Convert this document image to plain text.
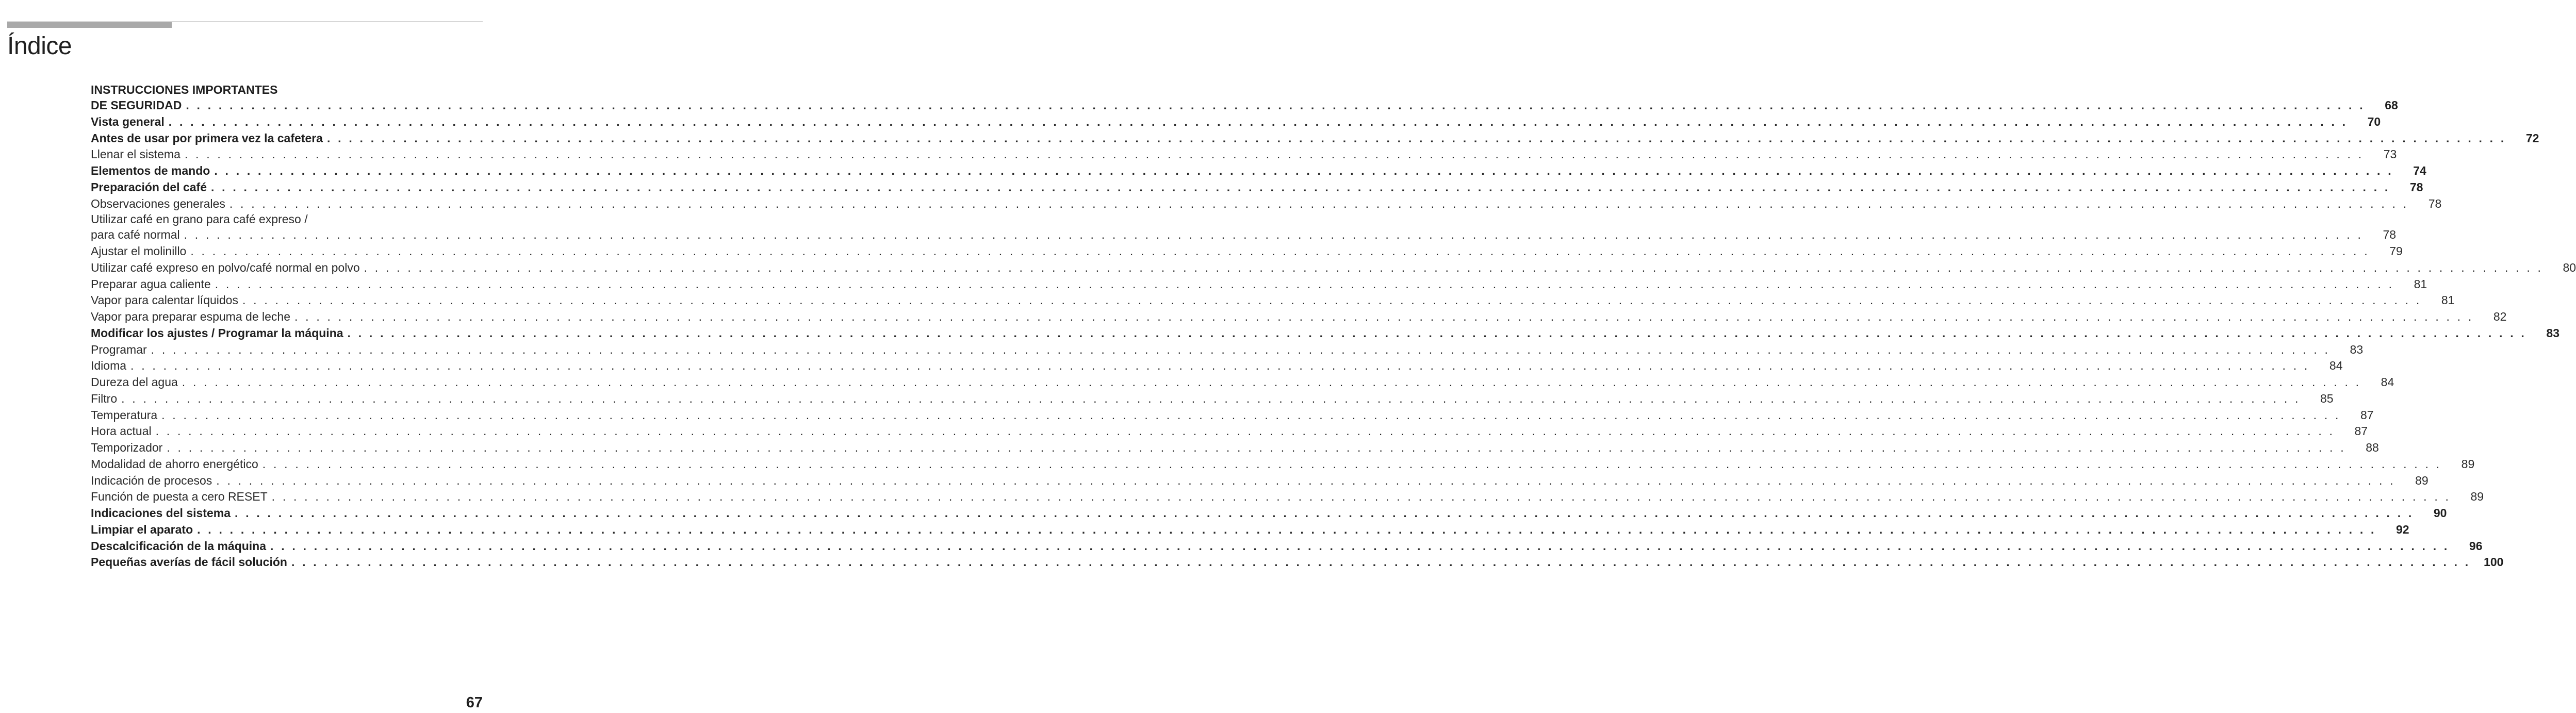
Índice
INSTRUCCIONES IMPORTANTES
DE SEGURIDAD . . . . . . . . . . . . . . . . . . . . . . . . . . . . . . . . . . . . . . . . . . . . . . . . . . . . . . . . . . . . . . . . . . . . . . . . . . . . . . . . . . . . . . . . . . . . . . . . . . . . . . . . . . . . . . . . . . . . . . . . . . . . . . . . . . . . . . . . . . . . . . . . . . . . . . . . . . . . . . . . . . . . . . . . . . . . . . . . . . . . . . . . . . . . . . . . . . . . . . . .	68
Vista general . . . . . . . . . . . . . . . . . . . . . . . . . . . . . . . . . . . . . . . . . . . . . . . . . . . . . . . . . . . . . . . . . . . . . . . . . . . . . . . . . . . . . . . . . . . . . . . . . . . . . . . . . . . . . . . . . . . . . . . . . . . . . . . . . . . . . . . . . . . . . . . . . . . . . . . . . . . . . . . . . . . . . . . . . . . . . . . . . . . . . . . . . . . . . . . . . . . . . . . .	70
Antes de usar por primera vez la cafetera . . . . . . . . . . . . . . . . . . . . . . . . . . . . . . . . . . . . . . . . . . . . . . . . . . . . . . . . . . . . . . . . . . . . . . . . . . . . . . . . . . . . . . . . . . . . . . . . . . . . . . . . . . . . . . . . . . . . . . . . . . . . . . . . . . . . . . . . . . . . . . . . . . . . . . . . . . . . . . . . . . . . . . . . . . . . . . . . . . . . . . . . . . . . . . . . . . . . . . . .	72
Llenar el sistema . . . . . . . . . . . . . . . . . . . . . . . . . . . . . . . . . . . . . . . . . . . . . . . . . . . . . . . . . . . . . . . . . . . . . . . . . . . . . . . . . . . . . . . . . . . . . . . . . . . . . . . . . . . . . . . . . . . . . . . . . . . . . . . . . . . . . . . . . . . . . . . . . . . . . . . . . . . . . . . . . . . . . . . . . . . . . . . . . . . . . . . . . . . . . . . . . . . . . . . .	73
Elementos de mando . . . . . . . . . . . . . . . . . . . . . . . . . . . . . . . . . . . . . . . . . . . . . . . . . . . . . . . . . . . . . . . . . . . . . . . . . . . . . . . . . . . . . . . . . . . . . . . . . . . . . . . . . . . . . . . . . . . . . . . . . . . . . . . . . . . . . . . . . . . . . . . . . . . . . . . . . . . . . . . . . . . . . . . . . . . . . . . . . . . . . . . . . . . . . . . . . . . . . . . .	74
Preparación del café . . . . . . . . . . . . . . . . . . . . . . . . . . . . . . . . . . . . . . . . . . . . . . . . . . . . . . . . . . . . . . . . . . . . . . . . . . . . . . . . . . . . . . . . . . . . . . . . . . . . . . . . . . . . . . . . . . . . . . . . . . . . . . . . . . . . . . . . . . . . . . . . . . . . . . . . . . . . . . . . . . . . . . . . . . . . . . . . . . . . . . . . . . . . . . . . . . . . . . . .	78
Observaciones generales . . . . . . . . . . . . . . . . . . . . . . . . . . . . . . . . . . . . . . . . . . . . . . . . . . . . . . . . . . . . . . . . . . . . . . . . . . . . . . . . . . . . . . . . . . . . . . . . . . . . . . . . . . . . . . . . . . . . . . . . . . . . . . . . . . . . . . . . . . . . . . . . . . . . . . . . . . . . . . . . . . . . . . . . . . . . . . . . . . . . . . . . . . . . . . . . . . . . . . . .	78
Utilizar café en grano para café expreso /
para café normal . . . . . . . . . . . . . . . . . . . . . . . . . . . . . . . . . . . . . . . . . . . . . . . . . . . . . . . . . . . . . . . . . . . . . . . . . . . . . . . . . . . . . . . . . . . . . . . . . . . . . . . . . . . . . . . . . . . . . . . . . . . . . . . . . . . . . . . . . . . . . . . . . . . . . . . . . . . . . . . . . . . . . . . . . . . . . . . . . . . . . . . . . . . . . . . . . . . . . . . .	78
Ajustar el molinillo . . . . . . . . . . . . . . . . . . . . . . . . . . . . . . . . . . . . . . . . . . . . . . . . . . . . . . . . . . . . . . . . . . . . . . . . . . . . . . . . . . . . . . . . . . . . . . . . . . . . . . . . . . . . . . . . . . . . . . . . . . . . . . . . . . . . . . . . . . . . . . . . . . . . . . . . . . . . . . . . . . . . . . . . . . . . . . . . . . . . . . . . . . . . . . . . . . . . . . . .	79
Utilizar café expreso en polvo/café normal en polvo . . . . . . . . . . . . . . . . . . . . . . . . . . . . . . . . . . . . . . . . . . . . . . . . . . . . . . . . . . . . . . . . . . . . . . . . . . . . . . . . . . . . . . . . . . . . . . . . . . . . . . . . . . . . . . . . . . . . . . . . . . . . . . . . . . . . . . . . . . . . . . . . . . . . . . . . . . . . . . . . . . . . . . . . . . . . . . . . . . . . . . . . . . . . . . . . . . . . . . . .	80
Preparar agua caliente . . . . . . . . . . . . . . . . . . . . . . . . . . . . . . . . . . . . . . . . . . . . . . . . . . . . . . . . . . . . . . . . . . . . . . . . . . . . . . . . . . . . . . . . . . . . . . . . . . . . . . . . . . . . . . . . . . . . . . . . . . . . . . . . . . . . . . . . . . . . . . . . . . . . . . . . . . . . . . . . . . . . . . . . . . . . . . . . . . . . . . . . . . . . . . . . . . . . . . . .	81
Vapor para calentar líquidos . . . . . . . . . . . . . . . . . . . . . . . . . . . . . . . . . . . . . . . . . . . . . . . . . . . . . . . . . . . . . . . . . . . . . . . . . . . . . . . . . . . . . . . . . . . . . . . . . . . . . . . . . . . . . . . . . . . . . . . . . . . . . . . . . . . . . . . . . . . . . . . . . . . . . . . . . . . . . . . . . . . . . . . . . . . . . . . . . . . . . . . . . . . . . . . . . . . . . . . .	81
Vapor para preparar espuma de leche . . . . . . . . . . . . . . . . . . . . . . . . . . . . . . . . . . . . . . . . . . . . . . . . . . . . . . . . . . . . . . . . . . . . . . . . . . . . . . . . . . . . . . . . . . . . . . . . . . . . . . . . . . . . . . . . . . . . . . . . . . . . . . . . . . . . . . . . . . . . . . . . . . . . . . . . . . . . . . . . . . . . . . . . . . . . . . . . . . . . . . . . . . . . . . . . . . . . . . . .	82
Modificar los ajustes / Programar la máquina . . . . . . . . . . . . . . . . . . . . . . . . . . . . . . . . . . . . . . . . . . . . . . . . . . . . . . . . . . . . . . . . . . . . . . . . . . . . . . . . . . . . . . . . . . . . . . . . . . . . . . . . . . . . . . . . . . . . . . . . . . . . . . . . . . . . . . . . . . . . . . . . . . . . . . . . . . . . . . . . . . . . . . . . . . . . . . . . . . . . . . . . . . . . . . . . . . . . . . . .	83
Programar . . . . . . . . . . . . . . . . . . . . . . . . . . . . . . . . . . . . . . . . . . . . . . . . . . . . . . . . . . . . . . . . . . . . . . . . . . . . . . . . . . . . . . . . . . . . . . . . . . . . . . . . . . . . . . . . . . . . . . . . . . . . . . . . . . . . . . . . . . . . . . . . . . . . . . . . . . . . . . . . . . . . . . . . . . . . . . . . . . . . . . . . . . . . . . . . . . . . . . . .	83
Idioma . . . . . . . . . . . . . . . . . . . . . . . . . . . . . . . . . . . . . . . . . . . . . . . . . . . . . . . . . . . . . . . . . . . . . . . . . . . . . . . . . . . . . . . . . . . . . . . . . . . . . . . . . . . . . . . . . . . . . . . . . . . . . . . . . . . . . . . . . . . . . . . . . . . . . . . . . . . . . . . . . . . . . . . . . . . . . . . . . . . . . . . . . . . . . . . . . . . . . . . .	84
Dureza del agua . . . . . . . . . . . . . . . . . . . . . . . . . . . . . . . . . . . . . . . . . . . . . . . . . . . . . . . . . . . . . . . . . . . . . . . . . . . . . . . . . . . . . . . . . . . . . . . . . . . . . . . . . . . . . . . . . . . . . . . . . . . . . . . . . . . . . . . . . . . . . . . . . . . . . . . . . . . . . . . . . . . . . . . . . . . . . . . . . . . . . . . . . . . . . . . . . . . . . . . .	84
Filtro . . . . . . . . . . . . . . . . . . . . . . . . . . . . . . . . . . . . . . . . . . . . . . . . . . . . . . . . . . . . . . . . . . . . . . . . . . . . . . . . . . . . . . . . . . . . . . . . . . . . . . . . . . . . . . . . . . . . . . . . . . . . . . . . . . . . . . . . . . . . . . . . . . . . . . . . . . . . . . . . . . . . . . . . . . . . . . . . . . . . . . . . . . . . . . . . . . . . . . . .	85
Temperatura . . . . . . . . . . . . . . . . . . . . . . . . . . . . . . . . . . . . . . . . . . . . . . . . . . . . . . . . . . . . . . . . . . . . . . . . . . . . . . . . . . . . . . . . . . . . . . . . . . . . . . . . . . . . . . . . . . . . . . . . . . . . . . . . . . . . . . . . . . . . . . . . . . . . . . . . . . . . . . . . . . . . . . . . . . . . . . . . . . . . . . . . . . . . . . . . . . . . . . . .	87
Hora actual . . . . . . . . . . . . . . . . . . . . . . . . . . . . . . . . . . . . . . . . . . . . . . . . . . . . . . . . . . . . . . . . . . . . . . . . . . . . . . . . . . . . . . . . . . . . . . . . . . . . . . . . . . . . . . . . . . . . . . . . . . . . . . . . . . . . . . . . . . . . . . . . . . . . . . . . . . . . . . . . . . . . . . . . . . . . . . . . . . . . . . . . . . . . . . . . . . . . . . . .	87
Temporizador . . . . . . . . . . . . . . . . . . . . . . . . . . . . . . . . . . . . . . . . . . . . . . . . . . . . . . . . . . . . . . . . . . . . . . . . . . . . . . . . . . . . . . . . . . . . . . . . . . . . . . . . . . . . . . . . . . . . . . . . . . . . . . . . . . . . . . . . . . . . . . . . . . . . . . . . . . . . . . . . . . . . . . . . . . . . . . . . . . . . . . . . . . . . . . . . . . . . . . . .	88
Modalidad de ahorro energético . . . . . . . . . . . . . . . . . . . . . . . . . . . . . . . . . . . . . . . . . . . . . . . . . . . . . . . . . . . . . . . . . . . . . . . . . . . . . . . . . . . . . . . . . . . . . . . . . . . . . . . . . . . . . . . . . . . . . . . . . . . . . . . . . . . . . . . . . . . . . . . . . . . . . . . . . . . . . . . . . . . . . . . . . . . . . . . . . . . . . . . . . . . . . . . . . . . . . . . .	89
Indicación de procesos . . . . . . . . . . . . . . . . . . . . . . . . . . . . . . . . . . . . . . . . . . . . . . . . . . . . . . . . . . . . . . . . . . . . . . . . . . . . . . . . . . . . . . . . . . . . . . . . . . . . . . . . . . . . . . . . . . . . . . . . . . . . . . . . . . . . . . . . . . . . . . . . . . . . . . . . . . . . . . . . . . . . . . . . . . . . . . . . . . . . . . . . . . . . . . . . . . . . . . . .	89
Función de puesta a cero RESET . . . . . . . . . . . . . . . . . . . . . . . . . . . . . . . . . . . . . . . . . . . . . . . . . . . . . . . . . . . . . . . . . . . . . . . . . . . . . . . . . . . . . . . . . . . . . . . . . . . . . . . . . . . . . . . . . . . . . . . . . . . . . . . . . . . . . . . . . . . . . . . . . . . . . . . . . . . . . . . . . . . . . . . . . . . . . . . . . . . . . . . . . . . . . . . . . . . . . . . .	89
Indicaciones del sistema . . . . . . . . . . . . . . . . . . . . . . . . . . . . . . . . . . . . . . . . . . . . . . . . . . . . . . . . . . . . . . . . . . . . . . . . . . . . . . . . . . . . . . . . . . . . . . . . . . . . . . . . . . . . . . . . . . . . . . . . . . . . . . . . . . . . . . . . . . . . . . . . . . . . . . . . . . . . . . . . . . . . . . . . . . . . . . . . . . . . . . . . . . . . . . . . . . . . . . . .	90
Limpiar el aparato . . . . . . . . . . . . . . . . . . . . . . . . . . . . . . . . . . . . . . . . . . . . . . . . . . . . . . . . . . . . . . . . . . . . . . . . . . . . . . . . . . . . . . . . . . . . . . . . . . . . . . . . . . . . . . . . . . . . . . . . . . . . . . . . . . . . . . . . . . . . . . . . . . . . . . . . . . . . . . . . . . . . . . . . . . . . . . . . . . . . . . . . . . . . . . . . . . . . . . . .	92
Descalcificación de la máquina . . . . . . . . . . . . . . . . . . . . . . . . . . . . . . . . . . . . . . . . . . . . . . . . . . . . . . . . . . . . . . . . . . . . . . . . . . . . . . . . . . . . . . . . . . . . . . . . . . . . . . . . . . . . . . . . . . . . . . . . . . . . . . . . . . . . . . . . . . . . . . . . . . . . . . . . . . . . . . . . . . . . . . . . . . . . . . . . . . . . . . . . . . . . . . . . . . . . . . . .	96
Pequeñas averías de fácil solución . . . . . . . . . . . . . . . . . . . . . . . . . . . . . . . . . . . . . . . . . . . . . . . . . . . . . . . . . . . . . . . . . . . . . . . . . . . . . . . . . . . . . . . . . . . . . . . . . . . . . . . . . . . . . . . . . . . . . . . . . . . . . . . . . . . . . . . . . . . . . . . . . . . . . . . . . . . . . . . . . . . . . . . . . . . . . . . . . . . . . . . . . . . . . . . . . . . . . . . .	100
67
